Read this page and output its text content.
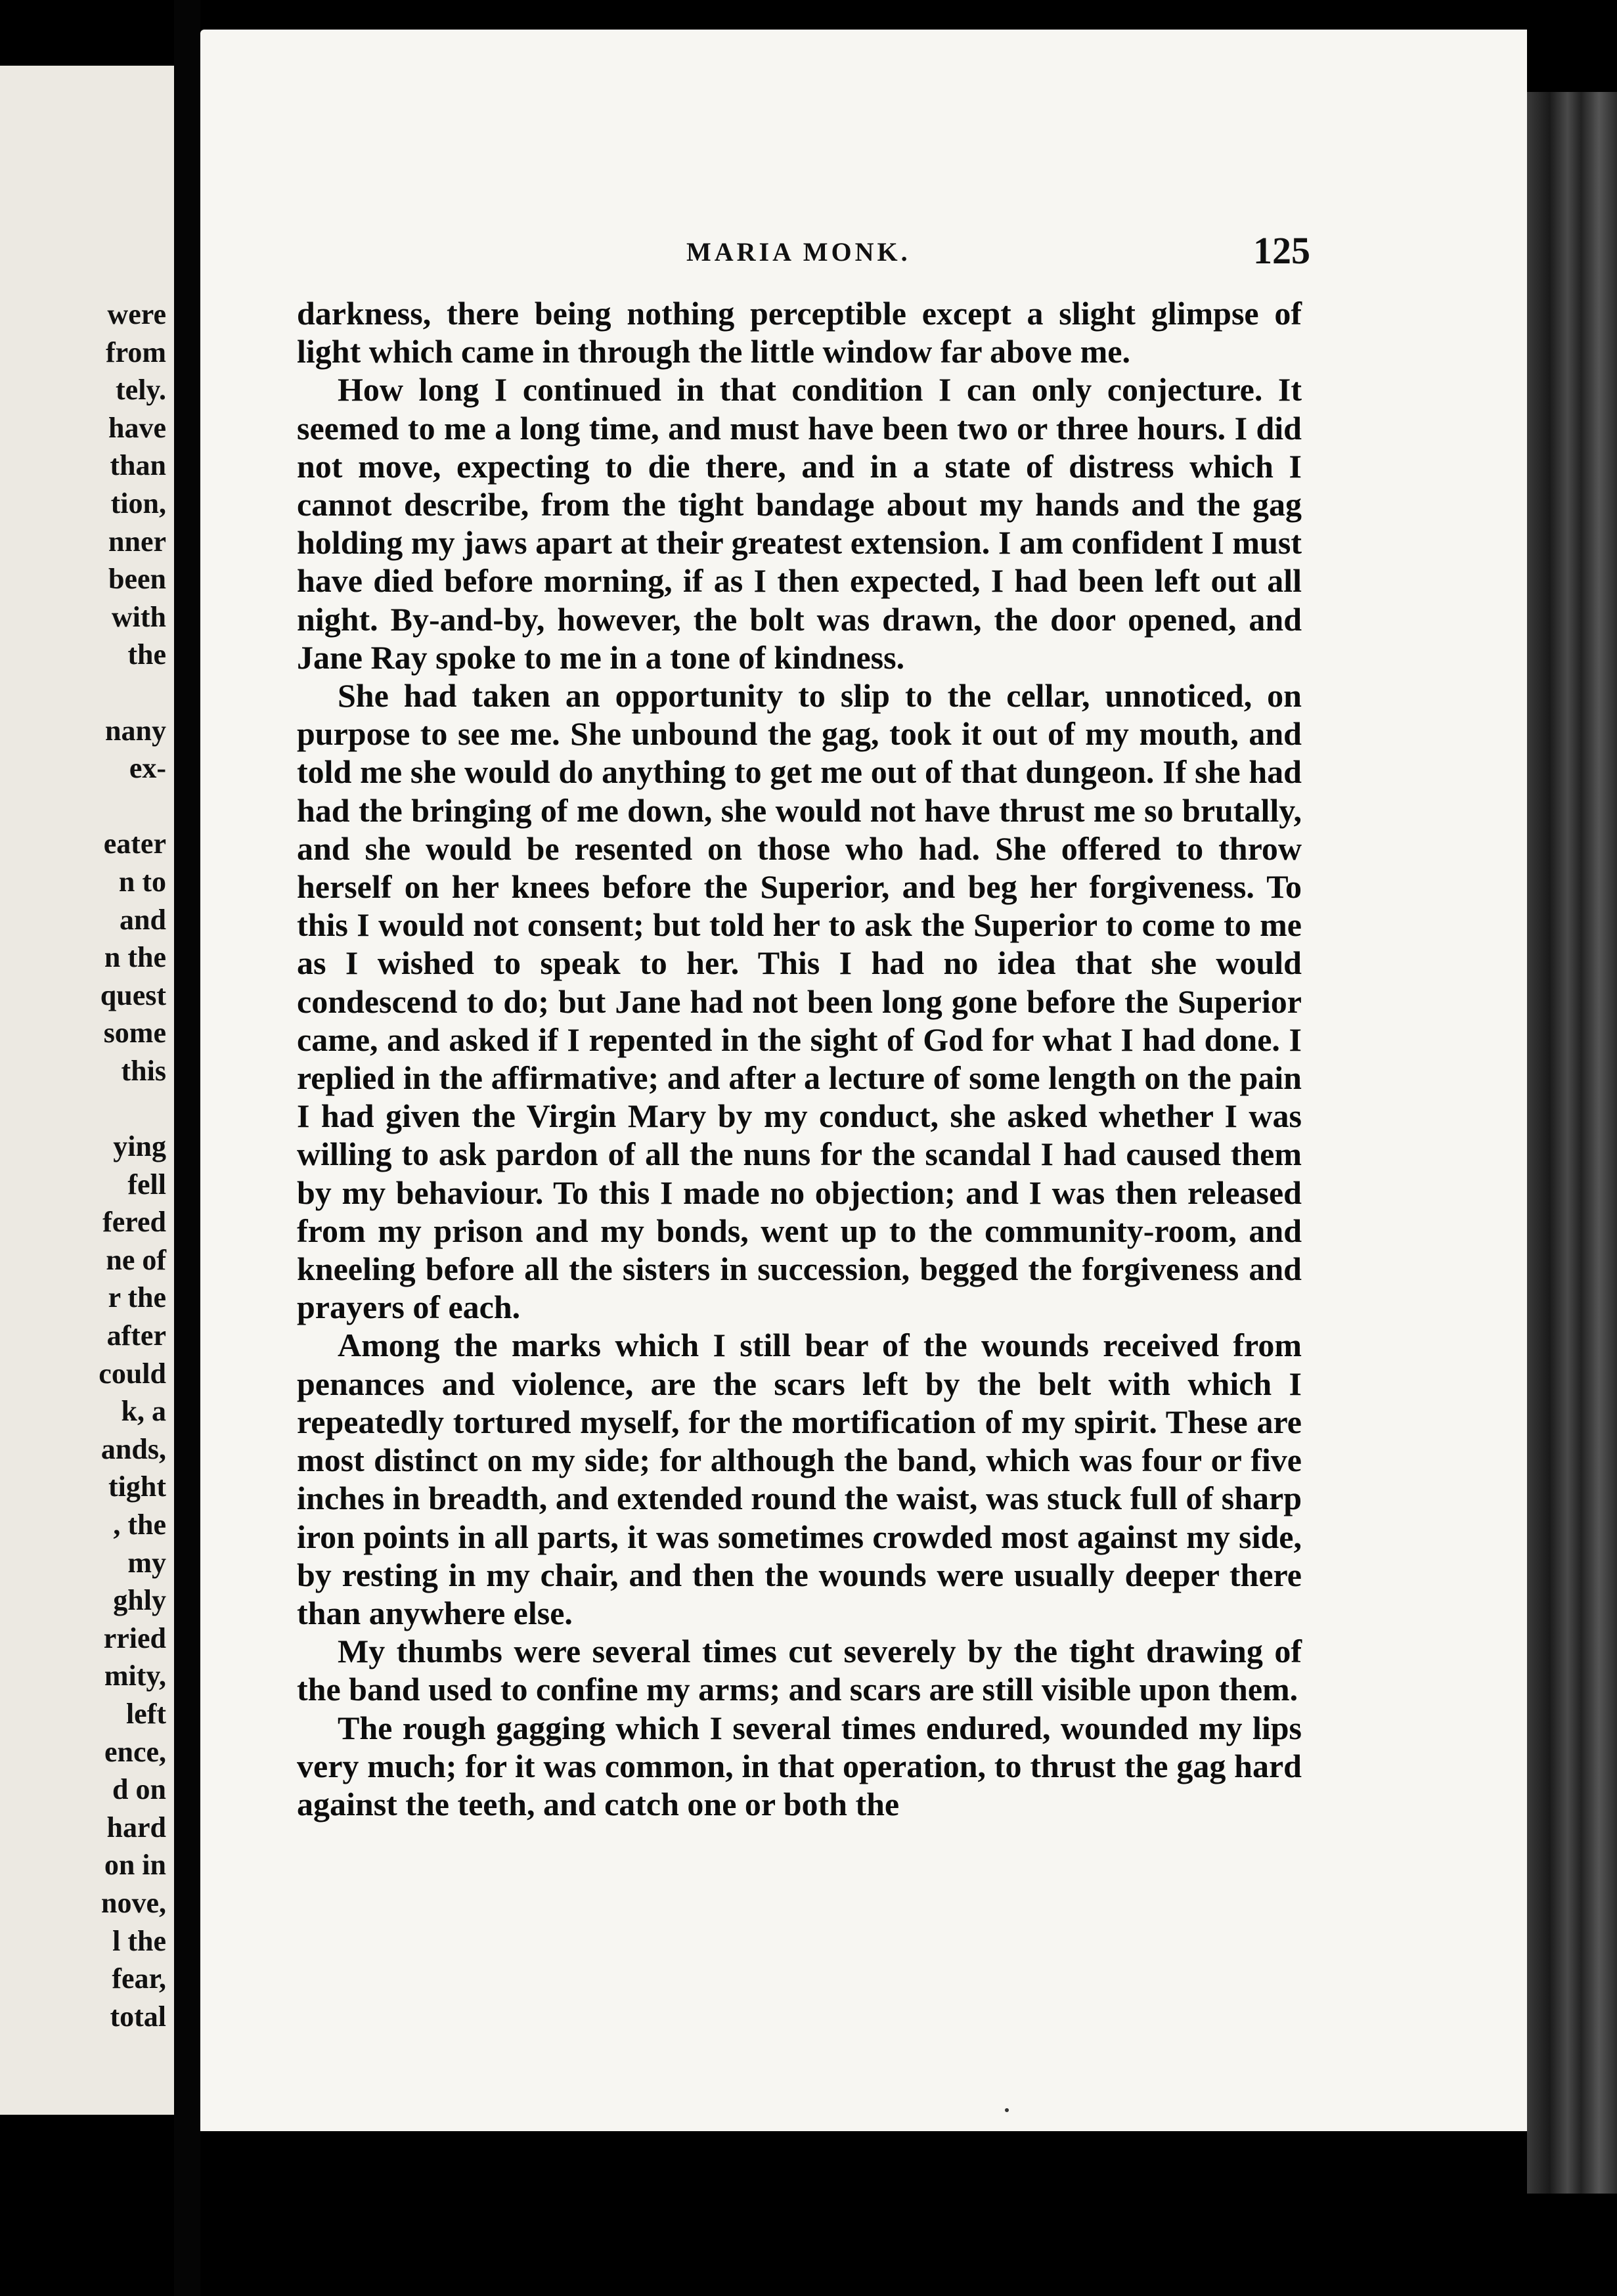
were
from
tely.
have
than
tion,
nner
been
with
the

nany
ex-

eater
n to
and
n the
quest
some
this

ying
fell
fered
ne of
r the
after
could
k, a
ands,
tight
, the
my
ghly
rried
mity,
left
ence,
d on
hard
on in
nove,
l the
fear,
total
MARIA MONK.	125

darkness, there being nothing perceptible except a slight glimpse of light which came in through the little window far above me.

How long I continued in that condition I can only conjecture. It seemed to me a long time, and must have been two or three hours. I did not move, expecting to die there, and in a state of distress which I cannot describe, from the tight bandage about my hands and the gag holding my jaws apart at their greatest extension. I am confident I must have died before morning, if as I then expected, I had been left out all night. By-and-by, however, the bolt was drawn, the door opened, and Jane Ray spoke to me in a tone of kindness.

She had taken an opportunity to slip to the cellar, unnoticed, on purpose to see me. She unbound the gag, took it out of my mouth, and told me she would do anything to get me out of that dungeon. If she had had the bringing of me down, she would not have thrust me so brutally, and she would be resented on those who had. She offered to throw herself on her knees before the Superior, and beg her forgiveness. To this I would not consent; but told her to ask the Superior to come to me as I wished to speak to her. This I had no idea that she would condescend to do; but Jane had not been long gone before the Superior came, and asked if I repented in the sight of God for what I had done. I replied in the affirmative; and after a lecture of some length on the pain I had given the Virgin Mary by my conduct, she asked whether I was willing to ask pardon of all the nuns for the scandal I had caused them by my behaviour. To this I made no objection; and I was then released from my prison and my bonds, went up to the community-room, and kneeling before all the sisters in succession, begged the forgiveness and prayers of each.

Among the marks which I still bear of the wounds received from penances and violence, are the scars left by the belt with which I repeatedly tortured myself, for the mortification of my spirit. These are most distinct on my side; for although the band, which was four or five inches in breadth, and extended round the waist, was stuck full of sharp iron points in all parts, it was sometimes crowded most against my side, by resting in my chair, and then the wounds were usually deeper there than anywhere else.

My thumbs were several times cut severely by the tight drawing of the band used to confine my arms; and scars are still visible upon them.

The rough gagging which I several times endured, wounded my lips very much; for it was common, in that operation, to thrust the gag hard against the teeth, and catch one or both the
